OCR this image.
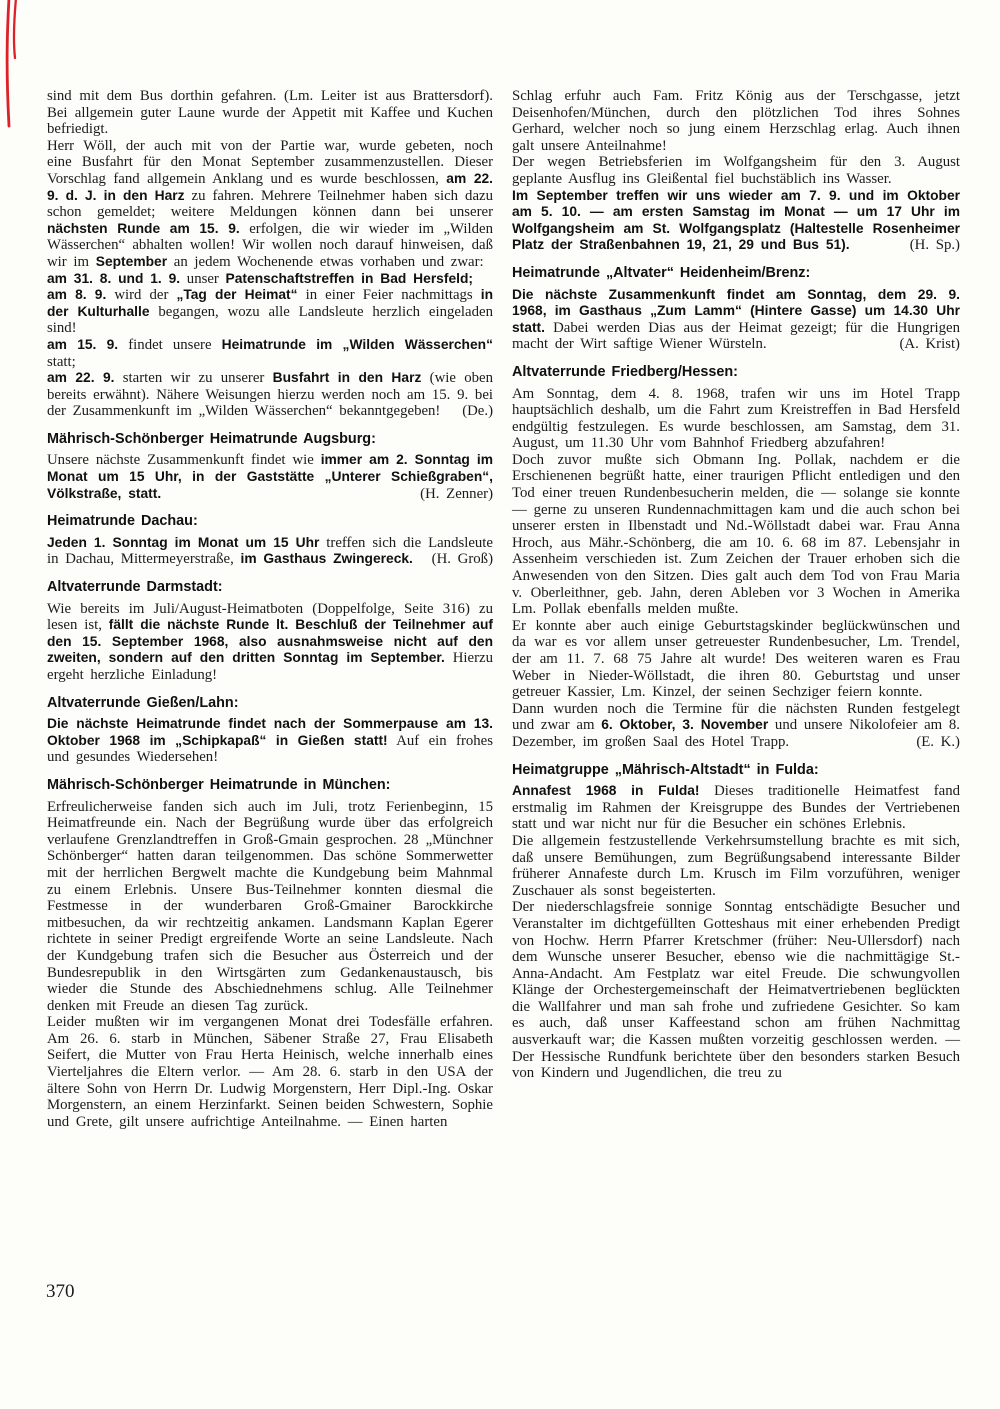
sind mit dem Bus dorthin gefahren. (Lm. Leiter ist aus Brattersdorf). Bei allgemein guter Laune wurde der Appetit mit Kaffee und Kuchen befriedigt.

Herr Wöll, der auch mit von der Partie war, wurde gebeten, noch eine Busfahrt für den Monat September zusammenzustellen. Dieser Vorschlag fand allgemein Anklang und es wurde beschlossen, am 22. 9. d. J. in den Harz zu fahren. Mehrere Teilnehmer haben sich dazu schon gemeldet; weitere Meldungen können dann bei unserer nächsten Runde am 15. 9. erfolgen, die wir wieder im „Wilden Wässerchen“ abhalten wollen! Wir wollen noch darauf hinweisen, daß wir im September an jedem Wochenende etwas vorhaben und zwar:

am 31. 8. und 1. 9. unser Patenschaftstreffen in Bad Hersfeld;

am 8. 9. wird der „Tag der Heimat“ in einer Feier nachmittags in der Kulturhalle begangen, wozu alle Landsleute herzlich eingeladen sind!

am 15. 9. findet unsere Heimatrunde im „Wilden Wässerchen“ statt;

am 22. 9. starten wir zu unserer Busfahrt in den Harz (wie oben bereits erwähnt). Nähere Weisungen hierzu werden noch am 15. 9. bei der Zusammenkunft im „Wilden Wässerchen“ bekanntgegeben! (De.)

Mährisch-Schönberger Heimatrunde Augsburg:

Unsere nächste Zusammenkunft findet wie immer am 2. Sonntag im Monat um 15 Uhr, in der Gaststätte „Unterer Schießgraben“, Völkstraße, statt.	(H. Zenner)

Heimatrunde Dachau:

Jeden 1. Sonntag im Monat um 15 Uhr treffen sich die Landsleute in Dachau, Mittermeyerstraße, im Gasthaus Zwingereck. (H. Groß)

Altvaterrunde Darmstadt:

Wie bereits im Juli/August-Heimatboten (Doppelfolge, Seite 316) zu lesen ist, fällt die nächste Runde lt. Beschluß der Teilnehmer auf den 15. September 1968, also ausnahmsweise nicht auf den zweiten, sondern auf den dritten Sonntag im September. Hierzu ergeht herzliche Einladung!

Altvaterrunde Gießen/Lahn:

Die nächste Heimatrunde findet nach der Sommerpause am 13. Oktober 1968 im „Schipkapaß“ in Gießen statt! Auf ein frohes und gesundes Wiedersehen!

Mährisch-Schönberger Heimatrunde in München:

Erfreulicherweise fanden sich auch im Juli, trotz Ferienbeginn, 15 Heimatfreunde ein. Nach der Begrüßung wurde über das erfolgreich verlaufene Grenzlandtreffen in Groß-Gmain gesprochen. 28 „Münchner Schönberger“ hatten daran teilgenommen. Das schöne Sommerwetter mit der herrlichen Bergwelt machte die Kundgebung beim Mahnmal zu einem Erlebnis. Unsere Bus-Teilnehmer konnten diesmal die Festmesse in der wunderbaren Groß-Gmainer Barockkirche mitbesuchen, da wir rechtzeitig ankamen. Landsmann Kaplan Egerer richtete in seiner Predigt ergreifende Worte an seine Landsleute. Nach der Kundgebung trafen sich die Besucher aus Österreich und der Bundesrepublik in den Wirtsgärten zum Gedankenaustausch, bis wieder die Stunde des Abschiednehmens schlug. Alle Teilnehmer denken mit Freude an diesen Tag zurück.

Leider mußten wir im vergangenen Monat drei Todesfälle erfahren. Am 26. 6. starb in München, Säbener Straße 27, Frau Elisabeth Seifert, die Mutter von Frau Herta Heinisch, welche innerhalb eines Vierteljahres die Eltern verlor. — Am 28. 6. starb in den USA der ältere Sohn von Herrn Dr. Ludwig Morgenstern, Herr Dipl.-Ing. Oskar Morgenstern, an einem Herzinfarkt. Seinen beiden Schwestern, Sophie und Grete, gilt unsere aufrichtige Anteilnahme. — Einen harten

Schlag erfuhr auch Fam. Fritz König aus der Terschgasse, jetzt Deisenhofen/München, durch den plötzlichen Tod ihres Sohnes Gerhard, welcher noch so jung einem Herzschlag erlag. Auch ihnen galt unsere Anteilnahme!

Der wegen Betriebsferien im Wolfgangsheim für den 3. August geplante Ausflug ins Gleißental fiel buchstäblich ins Wasser.

Im September treffen wir uns wieder am 7. 9. und im Oktober am 5. 10. — am ersten Samstag im Monat — um 17 Uhr im Wolfgangsheim am St. Wolfgangsplatz (Haltestelle Rosenheimer Platz der Straßenbahnen 19, 21, 29 und Bus 51).	(H. Sp.)

Heimatrunde „Altvater“ Heidenheim/Brenz:

Die nächste Zusammenkunft findet am Sonntag, dem 29. 9. 1968, im Gasthaus „Zum Lamm“ (Hintere Gasse) um 14.30 Uhr statt. Dabei werden Dias aus der Heimat gezeigt; für die Hungrigen macht der Wirt saftige Wiener Würsteln.	(A. Krist)

Altvaterrunde Friedberg/Hessen:

Am Sonntag, dem 4. 8. 1968, trafen wir uns im Hotel Trapp hauptsächlich deshalb, um die Fahrt zum Kreistreffen in Bad Hersfeld endgültig festzulegen. Es wurde beschlossen, am Samstag, dem 31. August, um 11.30 Uhr vom Bahnhof Friedberg abzufahren!

Doch zuvor mußte sich Obmann Ing. Pollak, nachdem er die Erschienenen begrüßt hatte, einer traurigen Pflicht entledigen und den Tod einer treuen Rundenbesucherin melden, die — solange sie konnte — gerne zu unseren Rundennachmittagen kam und die auch schon bei unserer ersten in Ilbenstadt und Nd.-Wöllstadt dabei war. Frau Anna Hroch, aus Mähr.-Schönberg, die am 10. 6. 68 im 87. Lebensjahr in Assenheim verschieden ist. Zum Zeichen der Trauer erhoben sich die Anwesenden von den Sitzen. Dies galt auch dem Tod von Frau Maria v. Oberleithner, geb. Jahn, deren Ableben vor 3 Wochen in Amerika Lm. Pollak ebenfalls melden mußte.

Er konnte aber auch einige Geburtstagskinder beglückwünschen und da war es vor allem unser getreuester Rundenbesucher, Lm. Trendel, der am 11. 7. 68 75 Jahre alt wurde! Des weiteren waren es Frau Weber in Nieder-Wöllstadt, die ihren 80. Geburtstag und unser getreuer Kassier, Lm. Kinzel, der seinen Sechziger feiern konnte.

Dann wurden noch die Termine für die nächsten Runden festgelegt und zwar am 6. Oktober, 3. November und unsere Nikolofeier am 8. Dezember, im großen Saal des Hotel Trapp.	(E. K.)

Heimatgruppe „Mährisch-Altstadt“ in Fulda:

Annafest 1968 in Fulda! Dieses traditionelle Heimatfest fand erstmalig im Rahmen der Kreisgruppe des Bundes der Vertriebenen statt und war nicht nur für die Besucher ein schönes Erlebnis.

Die allgemein festzustellende Verkehrsumstellung brachte es mit sich, daß unsere Bemühungen, zum Begrüßungsabend interessante Bilder früherer Annafeste durch Lm. Krusch im Film vorzuführen, weniger Zuschauer als sonst begeisterten.

Der niederschlagsfreie sonnige Sonntag entschädigte Besucher und Veranstalter im dichtgefüllten Gotteshaus mit einer erhebenden Predigt von Hochw. Herrn Pfarrer Kretschmer (früher: Neu-Ullersdorf) nach dem Wunsche unserer Besucher, ebenso wie die nachmittägige St.-Anna-Andacht. Am Festplatz war eitel Freude. Die schwungvollen Klänge der Orchestergemeinschaft der Heimatvertriebenen beglückten die Wallfahrer und man sah frohe und zufriedene Gesichter. So kam es auch, daß unser Kaffeestand schon am frühen Nachmittag ausverkauft war; die Kassen mußten vorzeitig geschlossen werden. — Der Hessische Rundfunk berichtete über den besonders starken Besuch von Kindern und Jugendlichen, die treu zu

370
